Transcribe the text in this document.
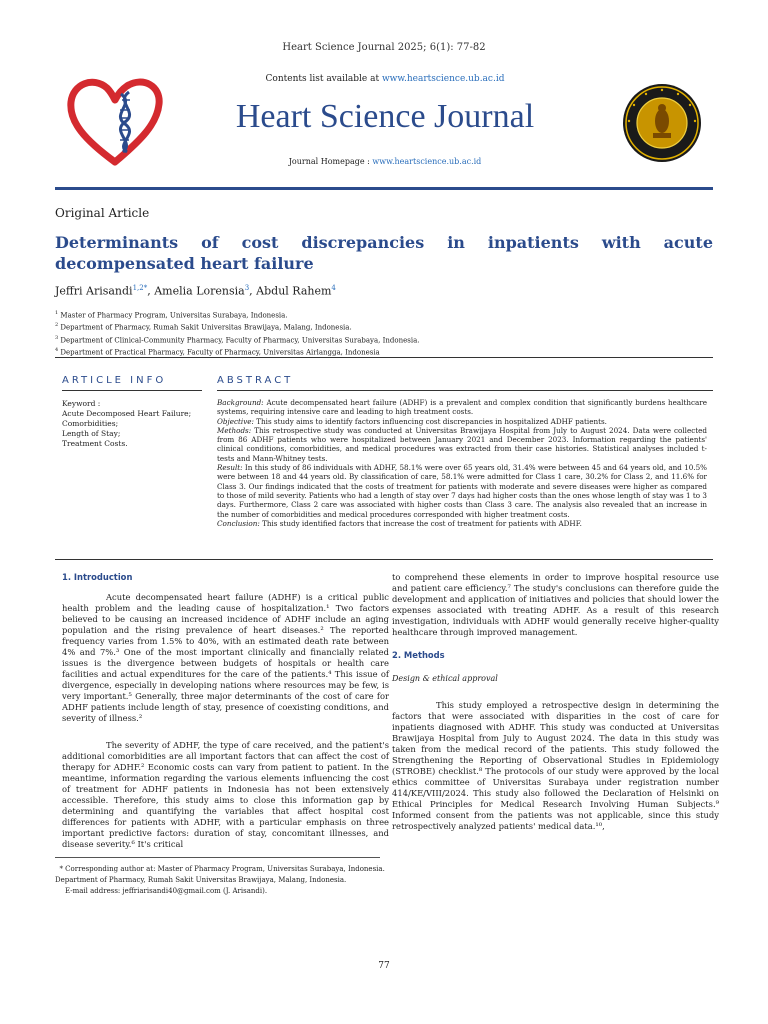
Heart Science Journal 2025; 6(1): 77-82
Contents list available at www.heartscience.ub.ac.id
Heart Science Journal
Journal Homepage : www.heartscience.ub.ac.id
Original Article
Determinants of cost discrepancies in inpatients with acute decompensated heart failure
Jeffri Arisandi$^{1,2*}$, Amelia Lorensia$^3$, Abdul Rahem$^4$
$^1$ Master of Pharmacy Program, Universitas Surabaya, Indonesia.
$^2$ Department of Pharmacy, Rumah Sakit Universitas Brawijaya, Malang, Indonesia.
$^3$ Department of Clinical-Community Pharmacy, Faculty of Pharmacy, Universitas Surabaya, Indonesia.
$^4$ Department of Practical Pharmacy, Faculty of Pharmacy, Universitas Airlangga, Indonesia
ARTICLE INFO	ABSTRACT
Keyword :
Acute Decomposed Heart Failure;
Comorbidities;
Length of Stay;
Treatment Costs.

Background: Acute decompensated heart failure (ADHF) is a prevalent and complex condition that significantly burdens healthcare systems, requiring intensive care and leading to high treatment costs.

Objective: This study aims to identify factors influencing cost discrepancies in hospitalized ADHF patients.

Methods: This retrospective study was conducted at Universitas Brawijaya Hospital from July to August 2024. Data were collected from 86 ADHF patients who were hospitalized between January 2021 and December 2023. Information regarding the patients' clinical conditions, comorbidities, and medical procedures was extracted from their case histories. Statistical analyses included t-tests and Mann-Whitney tests.

Result: In this study of 86 individuals with ADHF, 58.1% were over 65 years old, 31.4% were between 45 and 64 years old, and 10.5% were between 18 and 44 years old. By classification of care, 58.1% were admitted for Class 1 care, 30.2% for Class 2, and 11.6% for Class 3. Our findings indicated that the costs of treatment for patients with moderate and severe diseases were higher as compared to those of mild severity. Patients who had a length of stay over 7 days had higher costs than the ones whose length of stay was 1 to 3 days. Furthermore, Class 2 care was associated with higher costs than Class 3 care. The analysis also revealed that an increase in the number of comorbidities and medical procedures corresponded with higher treatment costs.

Conclusion: This study identified factors that increase the cost of treatment for patients with ADHF.

1. Introduction

Acute decompensated heart failure (ADHF) is a critical public health problem and the leading cause of hospitalization.¹ Two factors believed to be causing an increased incidence of ADHF include an aging population and the rising prevalence of heart diseases.² The reported frequency varies from 1.5% to 40%, with an estimated death rate between 4% and 7%.³ One of the most important clinically and financially related issues is the divergence between budgets of hospitals or health care facilities and actual expenditures for the care of the patients.⁴ This issue of divergence, especially in developing nations where resources may be few, is very important.⁵ Generally, three major determinants of the cost of care for ADHF patients include length of stay, presence of coexisting conditions, and severity of illness.²

The severity of ADHF, the type of care received, and the patient's additional comorbidities are all important factors that can affect the cost of therapy for ADHF.² Economic costs can vary from patient to patient. In the meantime, information regarding the various elements influencing the cost of treatment for ADHF patients in Indonesia has not been extensively accessible. Therefore, this study aims to close this information gap by determining and quantifying the variables that affect hospital cost differences for patients with ADHF, with a particular emphasis on three important predictive factors: duration of stay, concomitant illnesses, and disease severity.⁶ It's critical

to comprehend these elements in order to improve hospital resource use and patient care efficiency.⁷ The study's conclusions can therefore guide the development and application of initiatives and policies that should lower the expenses associated with treating ADHF. As a result of this research investigation, individuals with ADHF would generally receive higher-quality healthcare through improved management.

2. Methods
Design & ethical approval

This study employed a retrospective design in determining the factors that were associated with disparities in the cost of care for inpatients diagnosed with ADHF. This study was conducted at Universitas Brawijaya Hospital from July to August 2024. The data in this study was taken from the medical record of the patients. This study followed the Strengthening the Reporting of Observational Studies in Epidemiology (STROBE) checklist.⁸ The protocols of our study were approved by the local ethics committee of Universitas Surabaya under registration number 414/KE/VIII/2024. This study also followed the Declaration of Helsinki on Ethical Principles for Medical Research Involving Human Subjects.⁹ Informed consent from the patients was not applicable, since this study retrospectively analyzed patients' medical data.¹⁰,

* Corresponding author at: Master of Pharmacy Program, Universitas Surabaya, Indonesia.
Department of Pharmacy, Rumah Sakit Universitas Brawijaya, Malang, Indonesia.
E-mail address: jeffriarisandi40@gmail.com (J. Arisandi).
77
